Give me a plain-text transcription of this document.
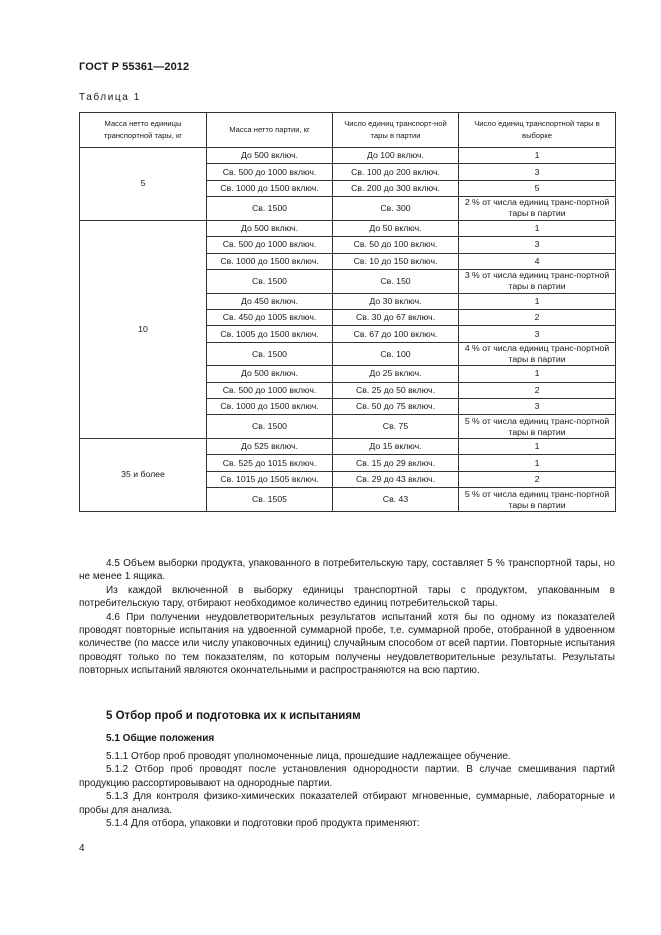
ГОСТ Р 55361—2012
Таблица 1
Масса нетто единицы транспортной тары, кг	Масса нетто партии, кг	Число единиц транспорт-ной тары в партии	Число единиц транспортной тары в выборке
5	До 500 включ.	До 100 включ.	1
	Св. 500 до 1000 включ.	Св. 100 до 200 включ.	3
	Св. 1000 до 1500 включ.	Св. 200 до 300 включ.	5
	Св. 1500	Св. 300	2 % от числа единиц транс-портной тары в партии
10	До 500 включ.	До 50 включ.	1
	Св. 500 до 1000 включ.	Св. 50 до 100 включ.	3
	Св. 1000 до 1500 включ.	Св. 10 до 150 включ.	4
	Св. 1500	Св. 150	3 % от числа единиц транс-портной тары в партии
	До 450 включ.	До 30 включ.	1
	Св. 450 до 1005 включ.	Св. 30 до 67 включ.	2
	Св. 1005 до 1500 включ.	Св. 67 до 100 включ.	3
	Св. 1500	Св. 100	4 % от числа единиц транс-портной тары в партии
	До 500 включ.	До 25 включ.	1
	Св. 500 до 1000 включ.	Св. 25 до 50 включ.	2
	Св. 1000 до 1500 включ.	Св. 50 до 75 включ.	3
	Св. 1500	Св. 75	5 % от числа единиц транс-портной тары в партии
35 и более	До 525 включ.	До 15 включ.	1
	Св. 525 до 1015 включ.	Св. 15 до 29 включ.	1
	Св. 1015 до 1505 включ.	Св. 29 до 43 включ.	2
	Св. 1505	Св. 43	5 % от числа единиц транс-портной тары в партии

4.5 Объем выборки продукта, упакованного в потребительскую тару, составляет 5 % транспортной тары, но не менее 1 ящика.

Из каждой включенной в выборку единицы транспортной тары с продуктом, упакованным в потребительскую тару, отбирают необходимое количество единиц потребительской тары.

4.6 При получении неудовлетворительных результатов испытаний хотя бы по одному из показателей проводят повторные испытания на удвоенной суммарной пробе, т.е. суммарной пробе, отобранной в удвоенном количестве (по массе или числу упаковочных единиц) случайным способом от всей партии. Повторные испытания проводят только по тем показателям, по которым получены неудовлетворительные результаты. Результаты повторных испытаний являются окончательными и распространяются на всю партию.

5 Отбор проб и подготовка их к испытаниям
5.1 Общие положения

5.1.1 Отбор проб проводят уполномоченные лица, прошедшие надлежащее обучение.

5.1.2 Отбор проб проводят после установления однородности партии. В случае смешивания партий продукцию рассортировывают на однородные партии.

5.1.3 Для контроля физико-химических показателей отбирают мгновенные, суммарные, лабораторные и пробы для анализа.

5.1.4 Для отбора, упаковки и подготовки проб продукта применяют:

4
